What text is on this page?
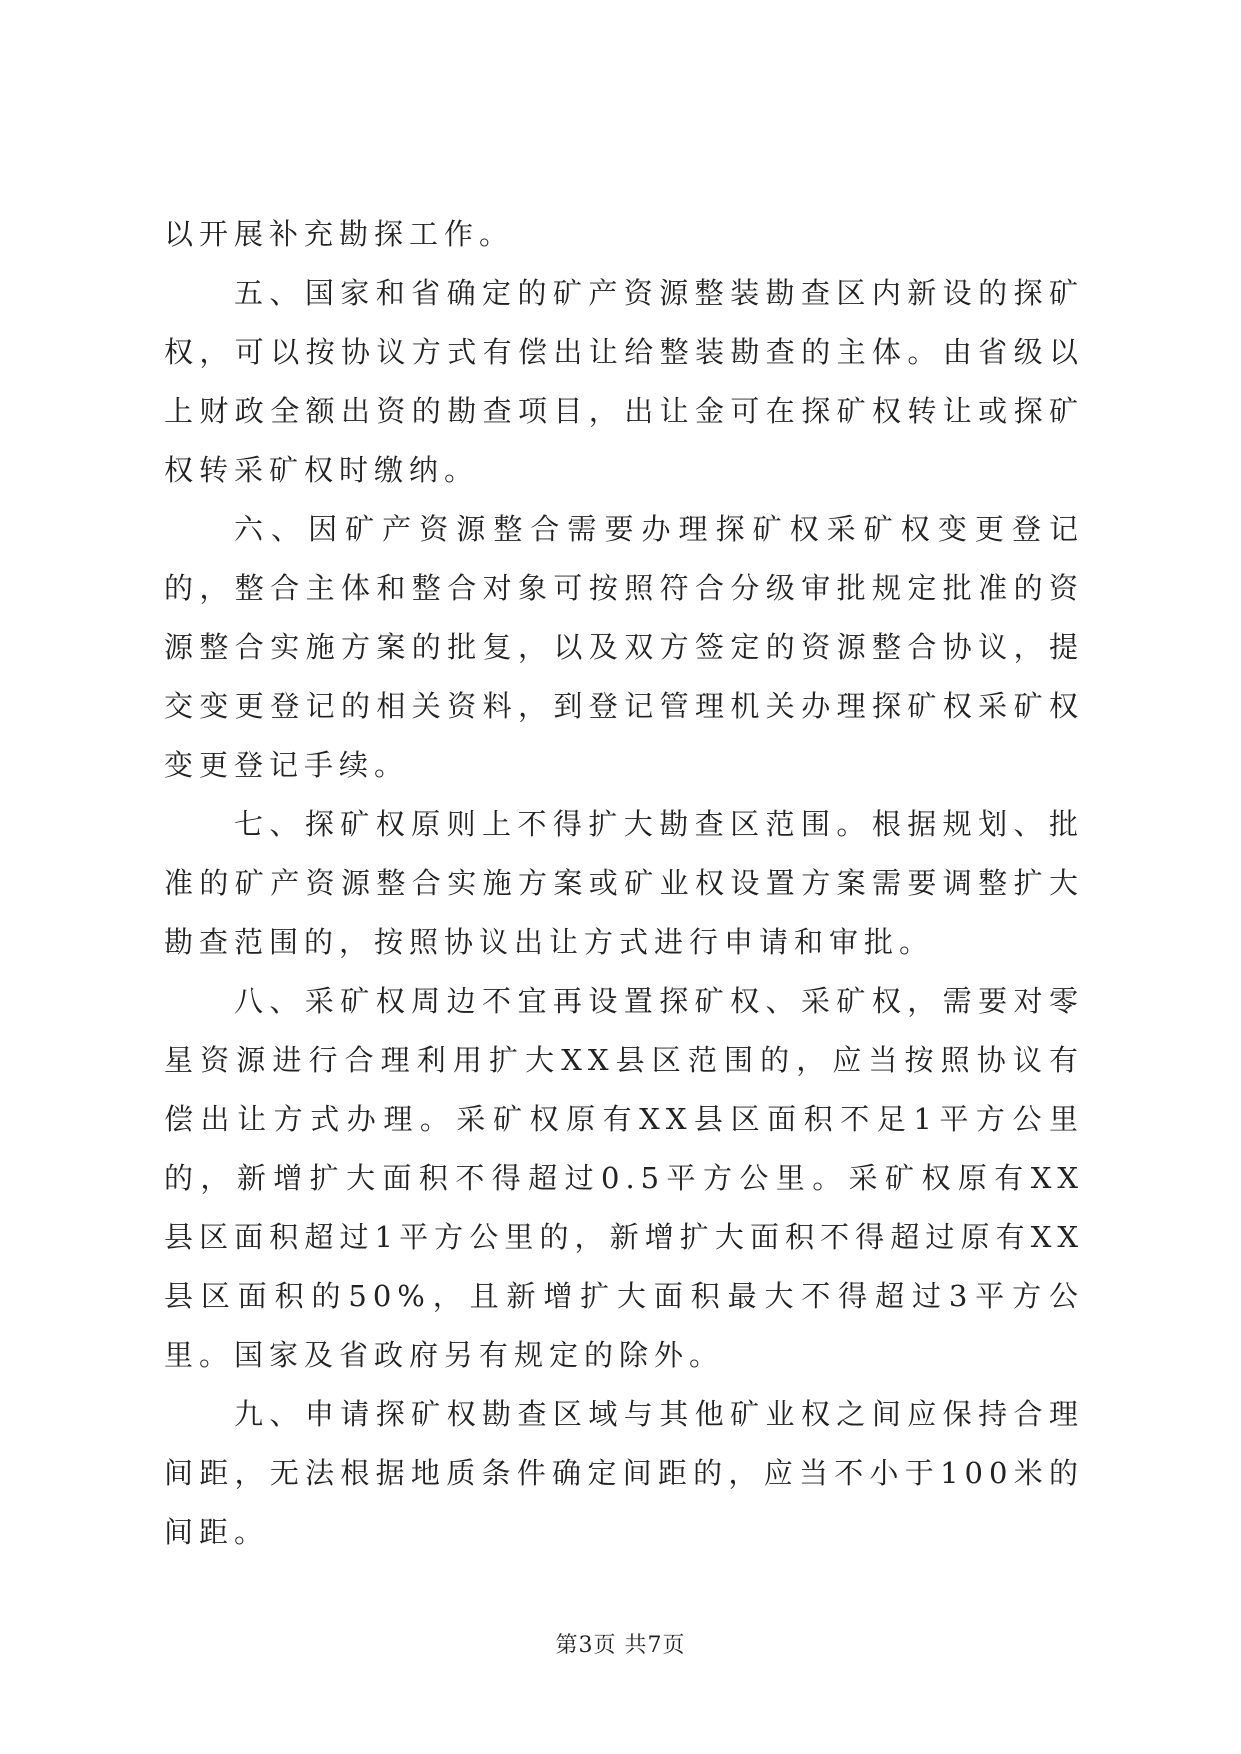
以开展补充勘探工作。

五、国家和省确定的矿产资源整装勘查区内新设的探矿权，可以按协议方式有偿出让给整装勘查的主体。由省级以上财政全额出资的勘查项目，出让金可在探矿权转让或探矿权转采矿权时缴纳。

六、因矿产资源整合需要办理探矿权采矿权变更登记的，整合主体和整合对象可按照符合分级审批规定批准的资源整合实施方案的批复，以及双方签定的资源整合协议，提交变更登记的相关资料，到登记管理机关办理探矿权采矿权变更登记手续。

七、探矿权原则上不得扩大勘查区范围。根据规划、批准的矿产资源整合实施方案或矿业权设置方案需要调整扩大勘查范围的，按照协议出让方式进行申请和审批。

八、采矿权周边不宜再设置探矿权、采矿权，需要对零星资源进行合理利用扩大XX县区范围的，应当按照协议有偿出让方式办理。采矿权原有XX县区面积不足1平方公里的，新增扩大面积不得超过0.5平方公里。采矿权原有XX县区面积超过1平方公里的，新增扩大面积不得超过原有XX县区面积的50%，且新增扩大面积最大不得超过3平方公里。国家及省政府另有规定的除外。

九、申请探矿权勘查区域与其他矿业权之间应保持合理间距，无法根据地质条件确定间距的，应当不小于100米的间距。

第3页 共7页
